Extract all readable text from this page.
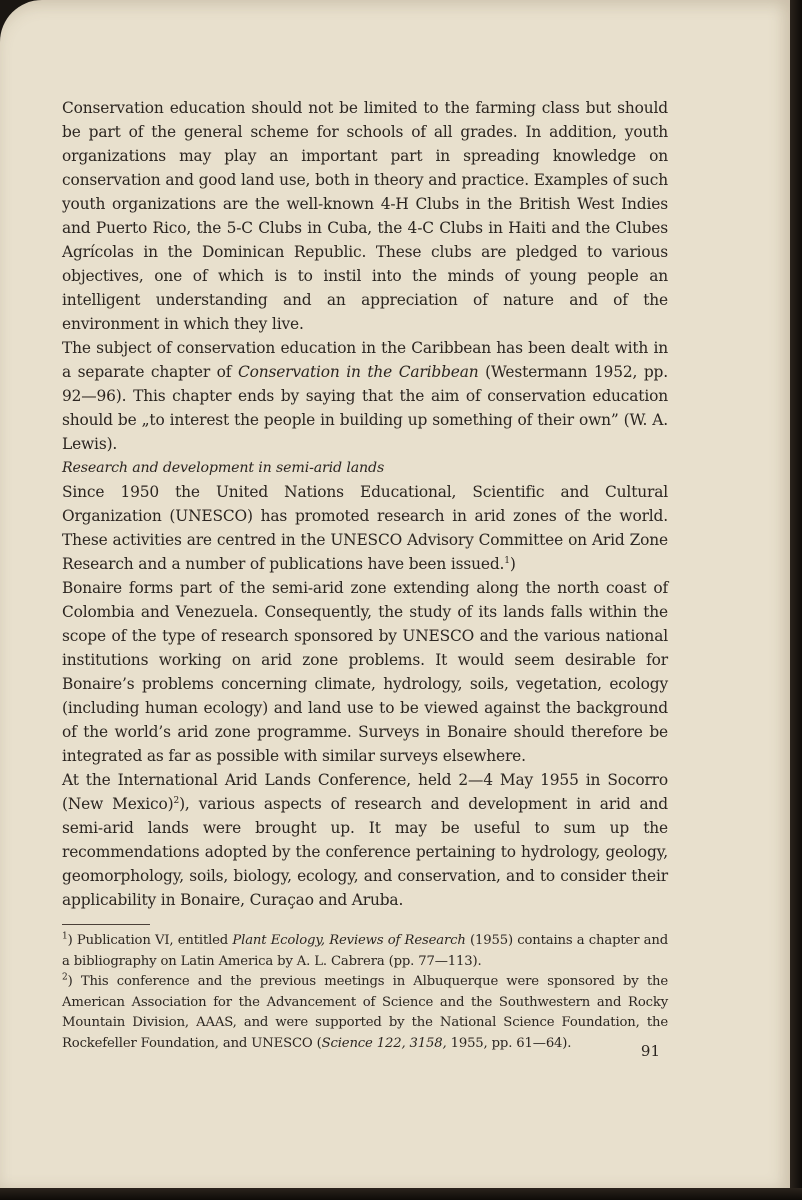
Conservation education should not be limited to the farming class but should be part of the general scheme for schools of all grades. In addition, youth organizations may play an important part in spreading knowledge on conservation and good land use, both in theory and practice. Examples of such youth organizations are the well-known 4-H Clubs in the British West Indies and Puerto Rico, the 5-C Clubs in Cuba, the 4-C Clubs in Haiti and the Clubes Agrícolas in the Dominican Republic. These clubs are pledged to various objectives, one of which is to instil into the minds of young people an intelligent understanding and an appreciation of nature and of the environment in which they live.

The subject of conservation education in the Caribbean has been dealt with in a separate chapter of Conservation in the Caribbean (Westermann 1952, pp. 92—96). This chapter ends by saying that the aim of conservation education should be „to interest the people in building up something of their own” (W. A. Lewis).

Research and development in semi-arid lands

Since 1950 the United Nations Educational, Scientific and Cultural Organization (UNESCO) has promoted research in arid zones of the world. These activities are centred in the UNESCO Advisory Committee on Arid Zone Research and a number of publications have been issued.$^1$)

Bonaire forms part of the semi-arid zone extending along the north coast of Colombia and Venezuela. Consequently, the study of its lands falls within the scope of the type of research sponsored by UNESCO and the various national institutions working on arid zone problems. It would seem desirable for Bonaire’s problems concerning climate, hydrology, soils, vegetation, ecology (including human ecology) and land use to be viewed against the background of the world’s arid zone programme. Surveys in Bonaire should therefore be integrated as far as possible with similar surveys elsewhere.

At the International Arid Lands Conference, held 2—4 May 1955 in Socorro (New Mexico)$^2$), various aspects of research and development in arid and semi-arid lands were brought up. It may be useful to sum up the recommendations adopted by the conference pertaining to hydrology, geology, geomorphology, soils, biology, ecology, and conservation, and to consider their applicability in Bonaire, Curaçao and Aruba.

$^1$) Publication VI, entitled Plant Ecology, Reviews of Research (1955) contains a chapter and a bibliography on Latin America by A. L. Cabrera (pp. 77—113).

$^2$) This conference and the previous meetings in Albuquerque were sponsored by the American Association for the Advancement of Science and the Southwestern and Rocky Mountain Division, AAAS, and were supported by the National Science Foundation, the Rockefeller Foundation, and UNESCO (Science 122, 3158, 1955, pp. 61—64).	91
